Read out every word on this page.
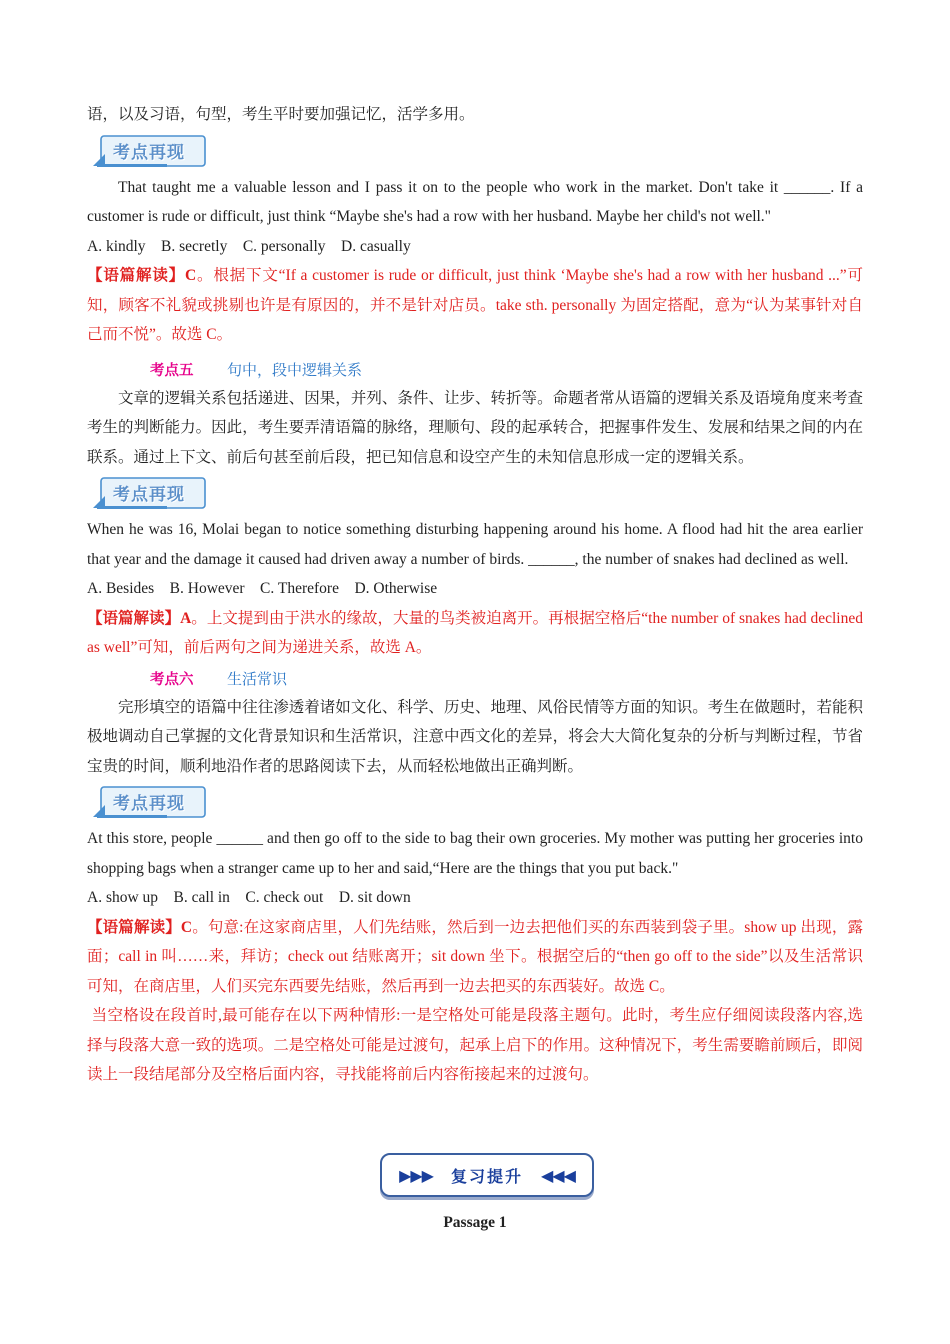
语，以及习语，句型，考生平时要加强记忆，活学多用。

考点再现

That taught me a valuable lesson and I pass it on to the people who work in the market. Don't take it ______. If a customer is rude or difficult, just think “Maybe she's had a row with her husband. Maybe her child's not well."

A. kindly    B. secretly    C. personally    D. casually

【语篇解读】C。根据下文“If a customer is rude or difficult, just think ‘Maybe she's had a row with her husband ...”可知，顾客不礼貌或挑剔也许是有原因的，并不是针对店员。take sth. personally 为固定搭配，意为“认为某事针对自己而不悦”。故选 C。

考点五 句中，段中逻辑关系

文章的逻辑关系包括递进、因果，并列、条件、让步、转折等。命题者常从语篇的逻辑关系及语境角度来考查考生的判断能力。因此，考生要弄清语篇的脉络，理顺句、段的起承转合，把握事件发生、发展和结果之间的内在联系。通过上下文、前后句甚至前后段，把已知信息和设空产生的未知信息形成一定的逻辑关系。

考点再现

When he was 16, Molai began to notice something disturbing happening around his home. A flood had hit the area earlier that year and the damage it caused had driven away a number of birds. ______, the number of snakes had declined as well.

A. Besides    B. However    C. Therefore    D. Otherwise

【语篇解读】A。上文提到由于洪水的缘故，大量的鸟类被迫离开。再根据空格后“the number of snakes had declined as well”可知，前后两句之间为递进关系，故选 A。

考点六 生活常识

完形填空的语篇中往往渗透着诸如文化、科学、历史、地理、风俗民情等方面的知识。考生在做题时，若能积极地调动自己掌握的文化背景知识和生活常识，注意中西文化的差异，将会大大简化复杂的分析与判断过程，节省宝贵的时间，顺利地沿作者的思路阅读下去，从而轻松地做出正确判断。

考点再现

At this store, people ______ and then go off to the side to bag their own groceries. My mother was putting her groceries into shopping bags when a stranger came up to her and said,“Here are the things that you put back."

A. show up    B. call in    C. check out    D. sit down

【语篇解读】C。句意:在这家商店里，人们先结账，然后到一边去把他们买的东西装到袋子里。show up 出现，露面；call in 叫……来，拜访；check out 结账离开；sit down 坐下。根据空后的“then go off to the side”以及生活常识可知，在商店里，人们买完东西要先结账，然后再到一边去把买的东西装好。故选 C。

当空格设在段首时,最可能存在以下两种情形:一是空格处可能是段落主题句。此时，考生应仔细阅读段落内容,选择与段落大意一致的选项。二是空格处可能是过渡句，起承上启下的作用。这种情况下，考生需要瞻前顾后，即阅读上一段结尾部分及空格后面内容，寻找能将前后内容衔接起来的过渡句。

▶▶▶ 复习提升 ◀◀◀
Passage 1
